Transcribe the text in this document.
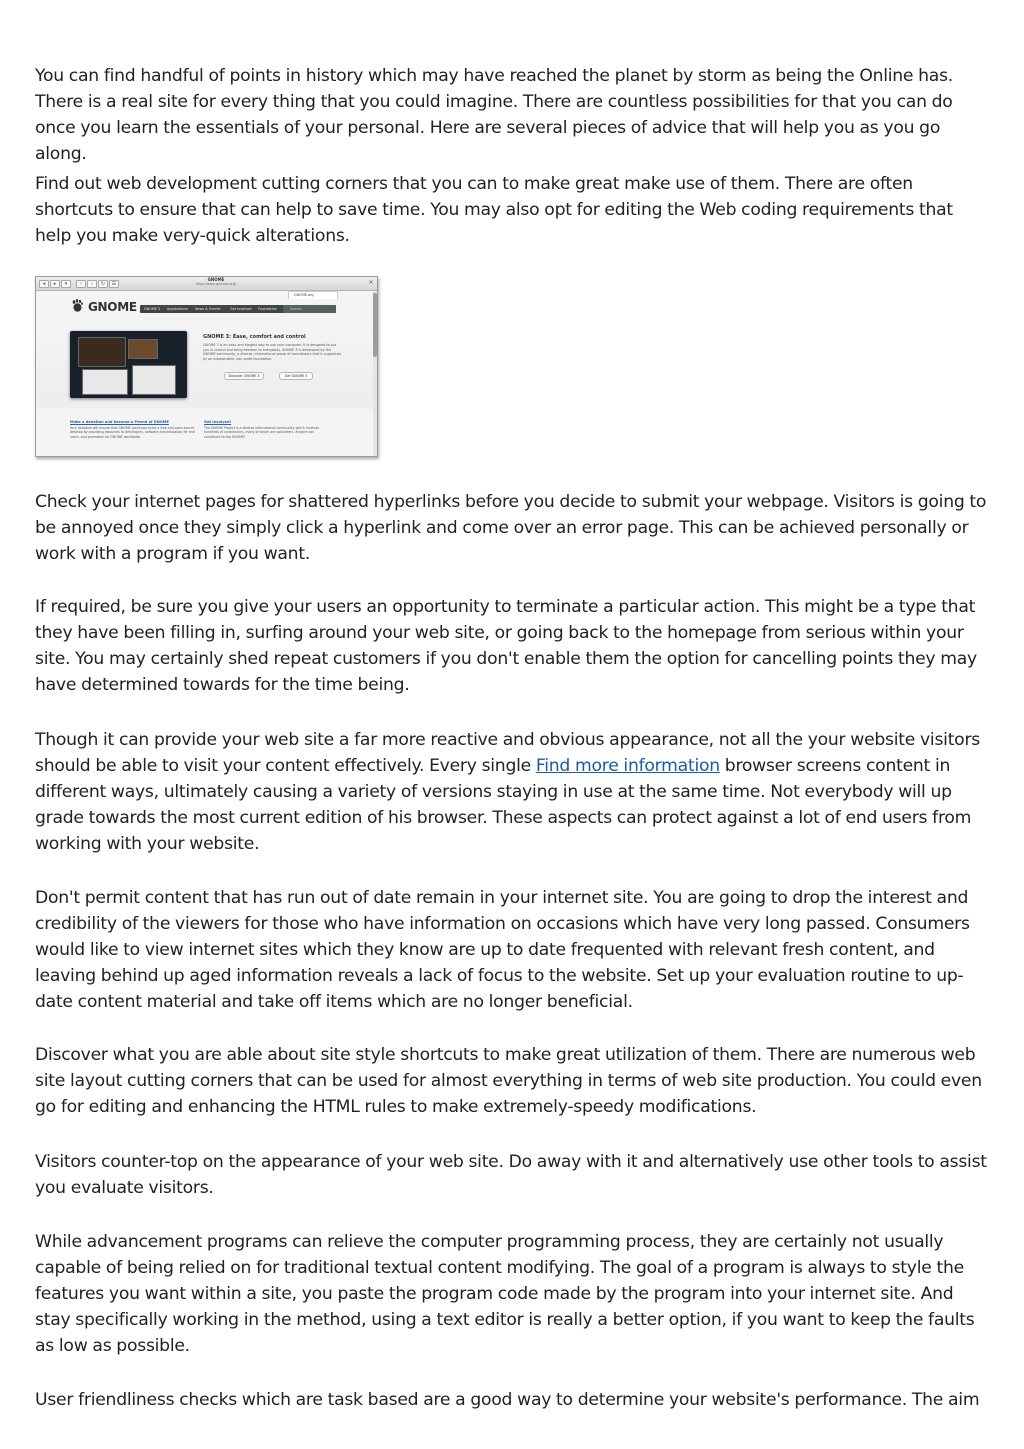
You can find handful of points in history which may have reached the planet by storm as being the Online has. There is a real site for every thing that you could imagine. There are countless possibilities for that you can do once you learn the essentials of your personal. Here are several pieces of advice that will help you as you go along.

Find out web development cutting corners that you can to make great make use of them. There are often shortcuts to ensure that can help to save time. You may also opt for editing the Web coding requirements that help you make very-quick alterations.

◂	▸	▾	‹	›	↻	☰
GNOME
http://www.gnome.org/	×
GNOME.org
GNOME GNOME 3 Applications News & Events	Get Involved Foundation	Search
GNOME 3: Ease, comfort and control
GNOME 3 is an easy and elegant way to use your computer. It is designed to put you in control and bring freedom to everybody. GNOME 3 is developed by the GNOME community, a diverse, international group of contributors that is supported by an independent, non-profit foundation.
Discover GNOME 3	Get GNOME 3
Make a donation and become a Friend of GNOME
Your donation will ensure that GNOME continues to be a free and open source desktop by providing resources to developers, software and education for end users, and promotion for GNOME worldwide.
Get involved!
The GNOME Project is a diverse international community which involves hundreds of contributors, many of whom are volunteers. Anyone can contribute to the GNOME!

Check your internet pages for shattered hyperlinks before you decide to submit your webpage. Visitors is going to be annoyed once they simply click a hyperlink and come over an error page. This can be achieved personally or work with a program if you want.

If required, be sure you give your users an opportunity to terminate a particular action. This might be a type that they have been filling in, surfing around your web site, or going back to the homepage from serious within your site. You may certainly shed repeat customers if you don't enable them the option for cancelling points they may have determined towards for the time being.

Though it can provide your web site a far more reactive and obvious appearance, not all the your website visitors should be able to visit your content effectively. Every single Find more information browser screens content in different ways, ultimately causing a variety of versions staying in use at the same time. Not everybody will up grade towards the most current edition of his browser. These aspects can protect against a lot of end users from working with your website.

Don't permit content that has run out of date remain in your internet site. You are going to drop the interest and credibility of the viewers for those who have information on occasions which have very long passed. Consumers would like to view internet sites which they know are up to date frequented with relevant fresh content, and leaving behind up aged information reveals a lack of focus to the website. Set up your evaluation routine to up-date content material and take off items which are no longer beneficial.

Discover what you are able about site style shortcuts to make great utilization of them. There are numerous web site layout cutting corners that can be used for almost everything in terms of web site production. You could even go for editing and enhancing the HTML rules to make extremely-speedy modifications.

Visitors counter-top on the appearance of your web site. Do away with it and alternatively use other tools to assist you evaluate visitors.

While advancement programs can relieve the computer programming process, they are certainly not usually capable of being relied on for traditional textual content modifying. The goal of a program is always to style the features you want within a site, you paste the program code made by the program into your internet site. And stay specifically working in the method, using a text editor is really a better option, if you want to keep the faults as low as possible.

User friendliness checks which are task based are a good way to determine your website's performance. The aim
